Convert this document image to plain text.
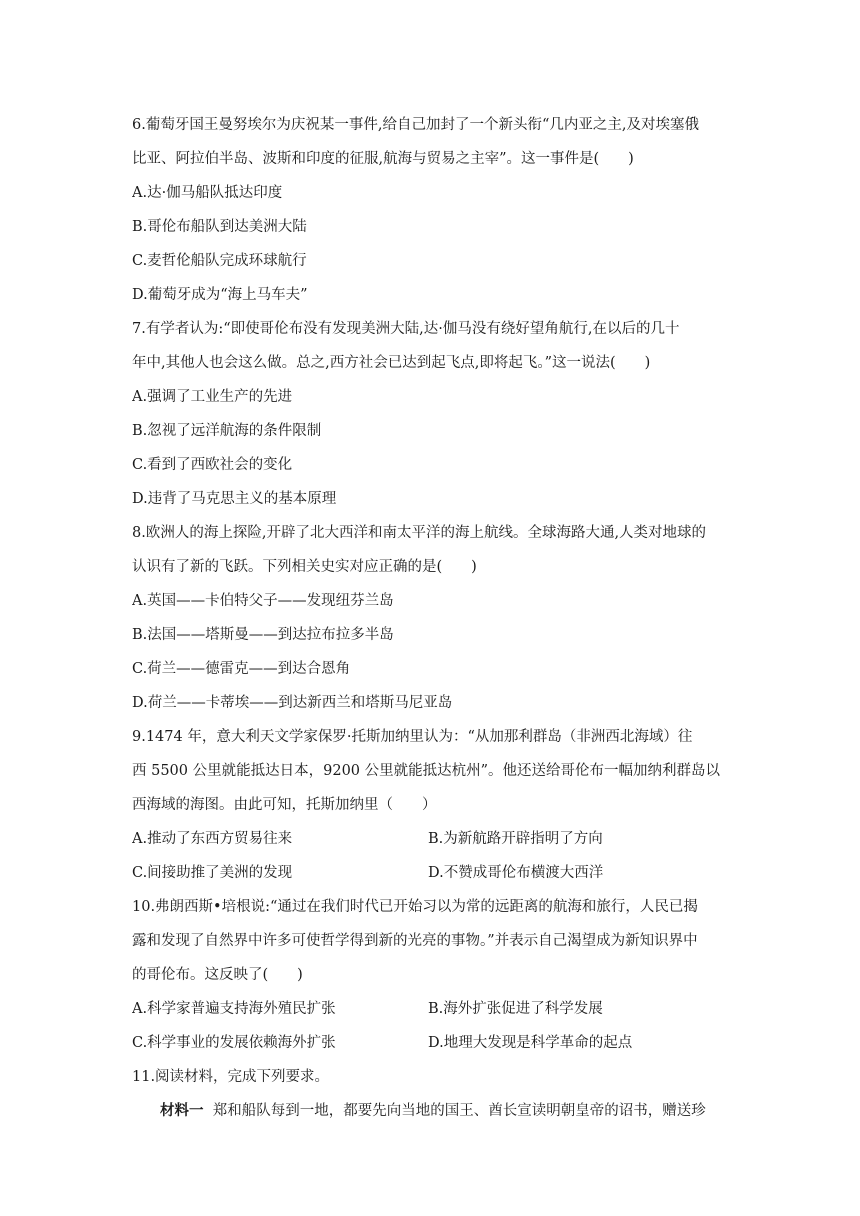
6.葡萄牙国王曼努埃尔为庆祝某一事件,给自己加封了一个新头衔“几内亚之主,及对埃塞俄
比亚、阿拉伯半岛、波斯和印度的征服,航海与贸易之主宰”。这一事件是(　　)
A.达·伽马船队抵达印度
B.哥伦布船队到达美洲大陆
C.麦哲伦船队完成环球航行
D.葡萄牙成为“海上马车夫”
7.有学者认为:“即使哥伦布没有发现美洲大陆,达·伽马没有绕好望角航行,在以后的几十
年中,其他人也会这么做。总之,西方社会已达到起飞点,即将起飞。”这一说法(　　)
A.强调了工业生产的先进
B.忽视了远洋航海的条件限制
C.看到了西欧社会的变化
D.违背了马克思主义的基本原理
8.欧洲人的海上探险,开辟了北大西洋和南太平洋的海上航线。全球海路大通,人类对地球的
认识有了新的飞跃。下列相关史实对应正确的是(　　)
A.英国——卡伯特父子——发现纽芬兰岛
B.法国——塔斯曼——到达拉布拉多半岛
C.荷兰——德雷克——到达合恩角
D.荷兰——卡蒂埃——到达新西兰和塔斯马尼亚岛
9.1474 年，意大利天文学家保罗·托斯加纳里认为：“从加那利群岛（非洲西北海域）往
西 5500 公里就能抵达日本，9200 公里就能抵达杭州”。他还送给哥伦布一幅加纳利群岛以
西海域的海图。由此可知，托斯加纳里（　　）
A.推动了东西方贸易往来	B.为新航路开辟指明了方向
C.间接助推了美洲的发现	D.不赞成哥伦布横渡大西洋
10.弗朗西斯•培根说:“通过在我们时代已开始习以为常的远距离的航海和旅行，人民已揭
露和发现了自然界中许多可使哲学得到新的光亮的事物。”并表示自己渴望成为新知识界中
的哥伦布。这反映了(　　)
A.科学家普遍支持海外殖民扩张	B.海外扩张促进了科学发展
C.科学事业的发展依赖海外扩张	D.地理大发现是科学革命的起点
11.阅读材料，完成下列要求。
材料一 郑和船队每到一地，都要先向当地的国王、酋长宣读明朝皇帝的诏书，赠送珍
